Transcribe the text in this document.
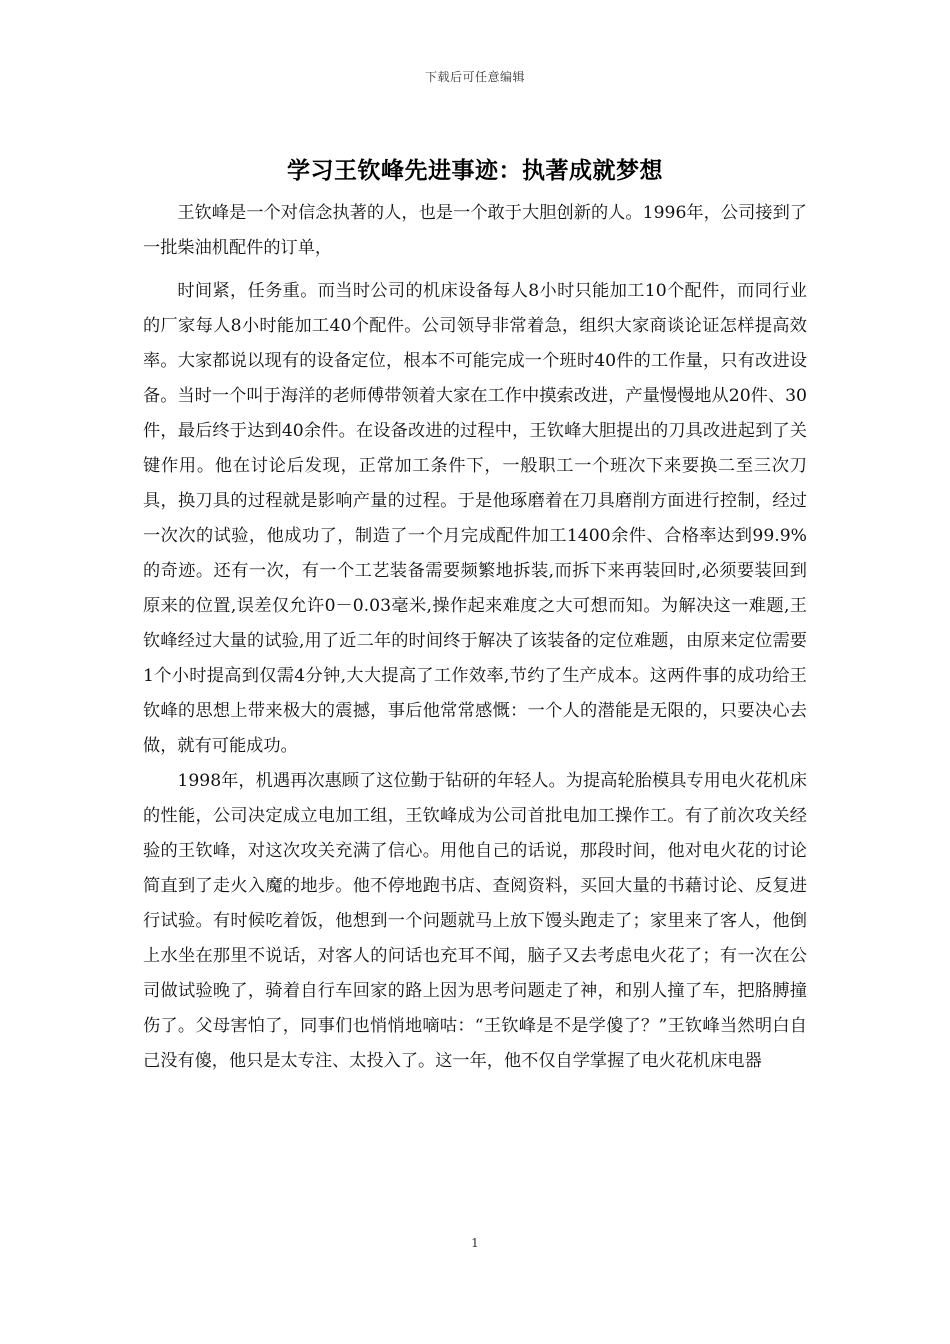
下载后可任意编辑
学习王钦峰先进事迹：执著成就梦想

王钦峰是一个对信念执著的人，也是一个敢于大胆创新的人。1996年，公司接到了一批柴油机配件的订单，

时间紧，任务重。而当时公司的机床设备每人8小时只能加工10个配件，而同行业的厂家每人8小时能加工40个配件。公司领导非常着急，组织大家商谈论证怎样提高效率。大家都说以现有的设备定位，根本不可能完成一个班时40件的工作量，只有改进设备。当时一个叫于海洋的老师傅带领着大家在工作中摸索改进，产量慢慢地从20件、30件，最后终于达到40余件。在设备改进的过程中，王钦峰大胆提出的刀具改进起到了关键作用。他在讨论后发现，正常加工条件下，一般职工一个班次下来要换二至三次刀具，换刀具的过程就是影响产量的过程。于是他琢磨着在刀具磨削方面进行控制，经过一次次的试验，他成功了，制造了一个月完成配件加工1400余件、合格率达到99.9%的奇迹。还有一次，有一个工艺装备需要频繁地拆装,而拆下来再装回时,必须要装回到原来的位置,误差仅允许0－0.03毫米,操作起来难度之大可想而知。为解决这一难题,王钦峰经过大量的试验,用了近二年的时间终于解决了该装备的定位难题，由原来定位需要1个小时提高到仅需4分钟,大大提高了工作效率,节约了生产成本。这两件事的成功给王钦峰的思想上带来极大的震撼，事后他常常感慨：一个人的潜能是无限的，只要决心去做，就有可能成功。

1998年，机遇再次惠顾了这位勤于钻研的年轻人。为提高轮胎模具专用电火花机床的性能，公司决定成立电加工组，王钦峰成为公司首批电加工操作工。有了前次攻关经验的王钦峰，对这次攻关充满了信心。用他自己的话说，那段时间，他对电火花的讨论简直到了走火入魔的地步。他不停地跑书店、查阅资料，买回大量的书藉讨论、反复进行试验。有时候吃着饭，他想到一个问题就马上放下馒头跑走了；家里来了客人，他倒上水坐在那里不说话，对客人的问话也充耳不闻，脑子又去考虑电火花了；有一次在公司做试验晚了，骑着自行车回家的路上因为思考问题走了神，和别人撞了车，把胳膊撞伤了。父母害怕了，同事们也悄悄地嘀咕：“王钦峰是不是学傻了？”王钦峰当然明白自己没有傻，他只是太专注、太投入了。这一年，他不仅自学掌握了电火花机床电器

1
